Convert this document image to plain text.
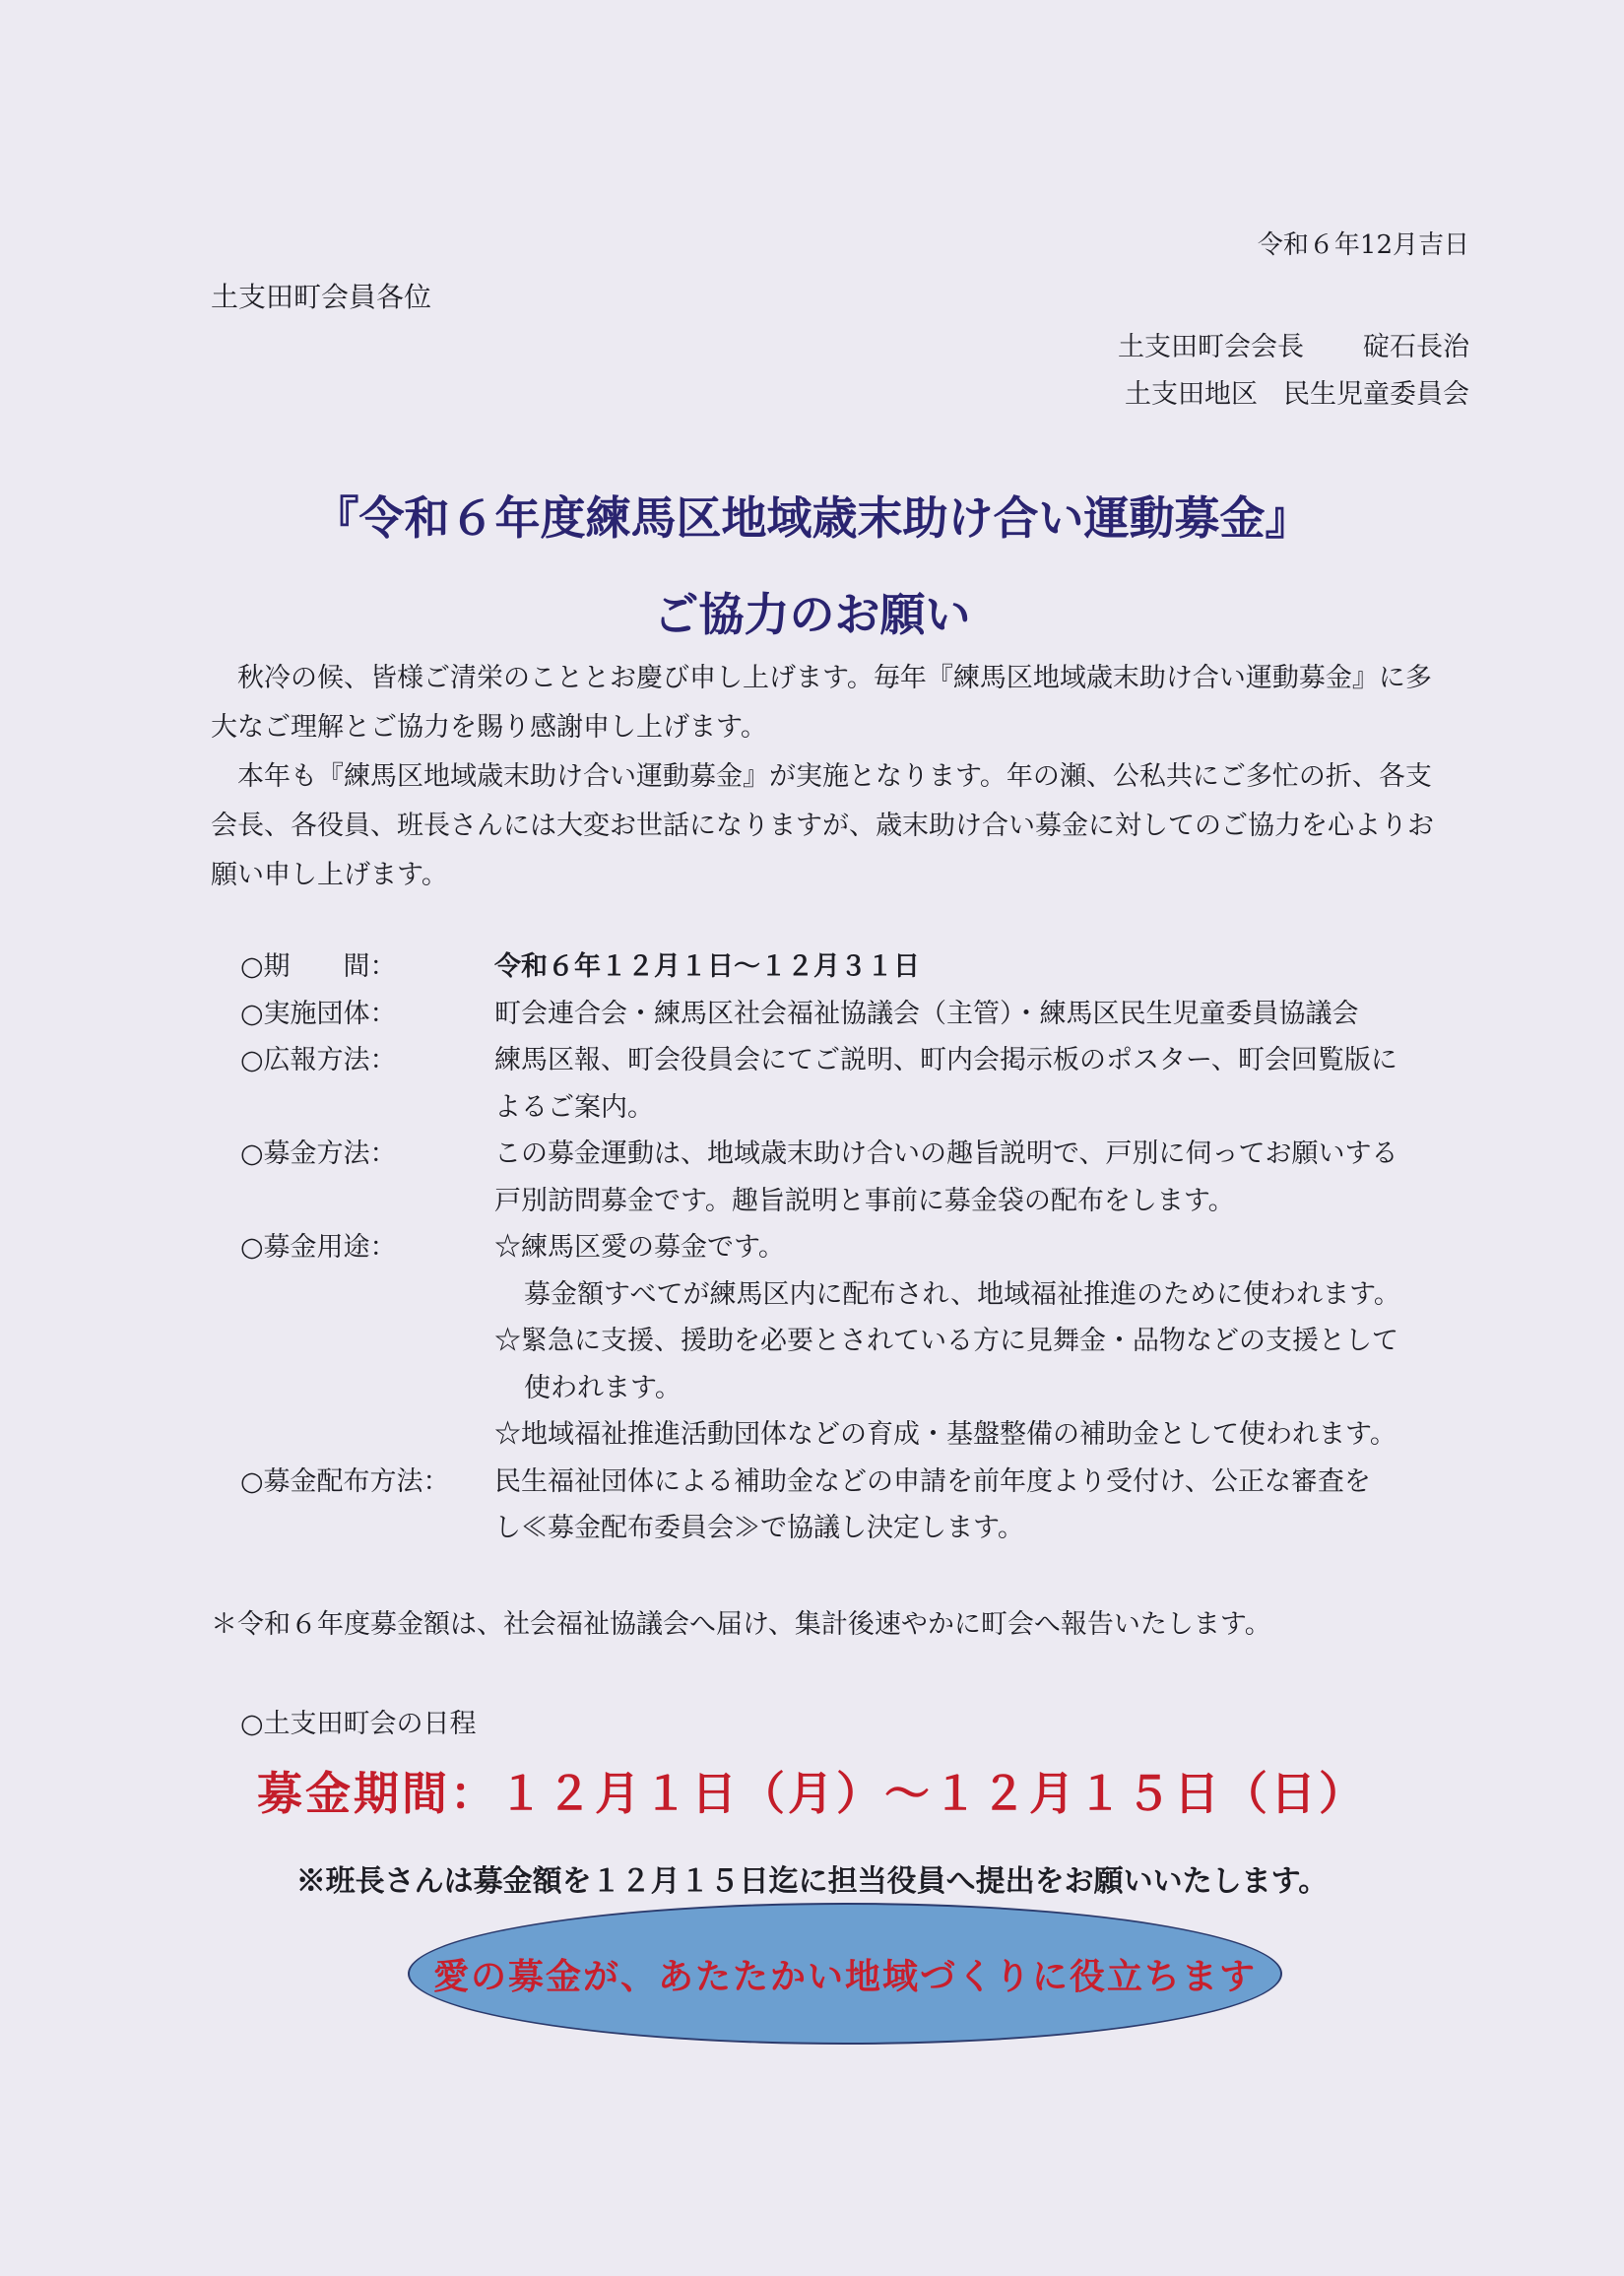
令和６年12月吉日
土支田町会員各位
土支田町会会長 碇石長治
土支田地区 民生児童委員会
『令和６年度練馬区地域歳末助け合い運動募金』
ご協力のお願い
秋冷の候、皆様ご清栄のこととお慶び申し上げます。毎年『練馬区地域歳末助け合い運動募金』に多大なご理解とご協力を賜り感謝申し上げます。
本年も『練馬区地域歳末助け合い運動募金』が実施となります。年の瀬、公私共にご多忙の折、各支会長、各役員、班長さんには大変お世話になりますが、歳末助け合い募金に対してのご協力を心よりお願い申し上げます。
○期　　間：	令和６年１２月１日〜１２月３１日
○実施団体：	町会連合会・練馬区社会福祉協議会（主管）・練馬区民生児童委員協議会
○広報方法：	練馬区報、町会役員会にてご説明、町内会掲示板のポスター、町会回覧版に
よるご案内。
○募金方法：	この募金運動は、地域歳末助け合いの趣旨説明で、戸別に伺ってお願いする
戸別訪問募金です。趣旨説明と事前に募金袋の配布をします。
○募金用途：	☆練馬区愛の募金です。
募金額すべてが練馬区内に配布され、地域福祉推進のために使われます。
☆緊急に支援、援助を必要とされている方に見舞金・品物などの支援として
使われます。
☆地域福祉推進活動団体などの育成・基盤整備の補助金として使われます。
○募金配布方法：	民生福祉団体による補助金などの申請を前年度より受付け、公正な審査を
し≪募金配布委員会≫で協議し決定します。
＊令和６年度募金額は、社会福祉協議会へ届け、集計後速やかに町会へ報告いたします。
○土支田町会の日程
募金期間：１２月１日（月）〜１２月１５日（日）
※班長さんは募金額を１２月１５日迄に担当役員へ提出をお願いいたします。
愛の募金が、あたたかい地域づくりに役立ちます
